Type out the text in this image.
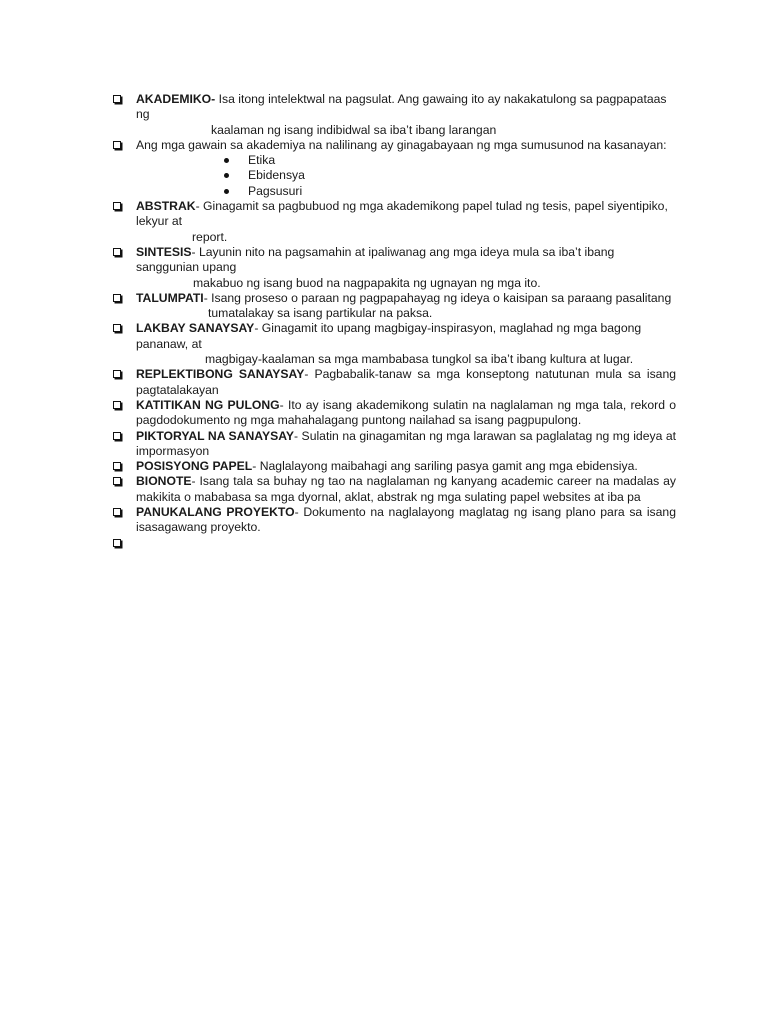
AKADEMIKO- Isa itong intelektwal na pagsulat. Ang gawaing ito ay nakakatulong sa pagpapataas ng
kaalaman ng isang indibidwal sa iba’t ibang larangan
Ang mga gawain sa akademiya na nalilinang ay ginagabayaan ng mga sumusunod na kasanayan:
Etika
Ebidensya
Pagsusuri
ABSTRAK- Ginagamit sa pagbubuod ng mga akademikong papel tulad ng tesis, papel siyentipiko, lekyur at
report.
SINTESIS- Layunin nito na pagsamahin at ipaliwanag ang mga ideya mula sa iba’t ibang sanggunian upang
makabuo ng isang buod na nagpapakita ng ugnayan ng mga ito.
TALUMPATI- Isang proseso o paraan ng pagpapahayag ng ideya o kaisipan sa paraang pasalitang
tumatalakay sa isang partikular na paksa.
LAKBAY SANAYSAY- Ginagamit ito upang magbigay-inspirasyon, maglahad ng mga bagong pananaw, at
magbigay-kaalaman sa mga mambabasa tungkol sa iba’t ibang kultura at lugar.
REPLEKTIBONG SANAYSAY- Pagbabalik-tanaw sa mga konseptong natutunan mula sa isang pagtatalakayan
KATITIKAN NG PULONG- Ito ay isang akademikong sulatin na naglalaman ng mga tala, rekord o pagdodokumento ng mga mahahalagang puntong nailahad sa isang pagpupulong.
PIKTORYAL NA SANAYSAY- Sulatin na ginagamitan ng mga larawan sa paglalatag ng mg ideya at impormasyon
POSISYONG PAPEL- Naglalayong maibahagi ang sariling pasya gamit ang mga ebidensiya.
BIONOTE- Isang tala sa buhay ng tao na naglalaman ng kanyang academic career na madalas ay makikita o mababasa sa mga dyornal, aklat, abstrak ng mga sulating papel websites at iba pa
PANUKALANG PROYEKTO- Dokumento na naglalayong maglatag ng isang plano para sa isang isasagawang proyekto.
